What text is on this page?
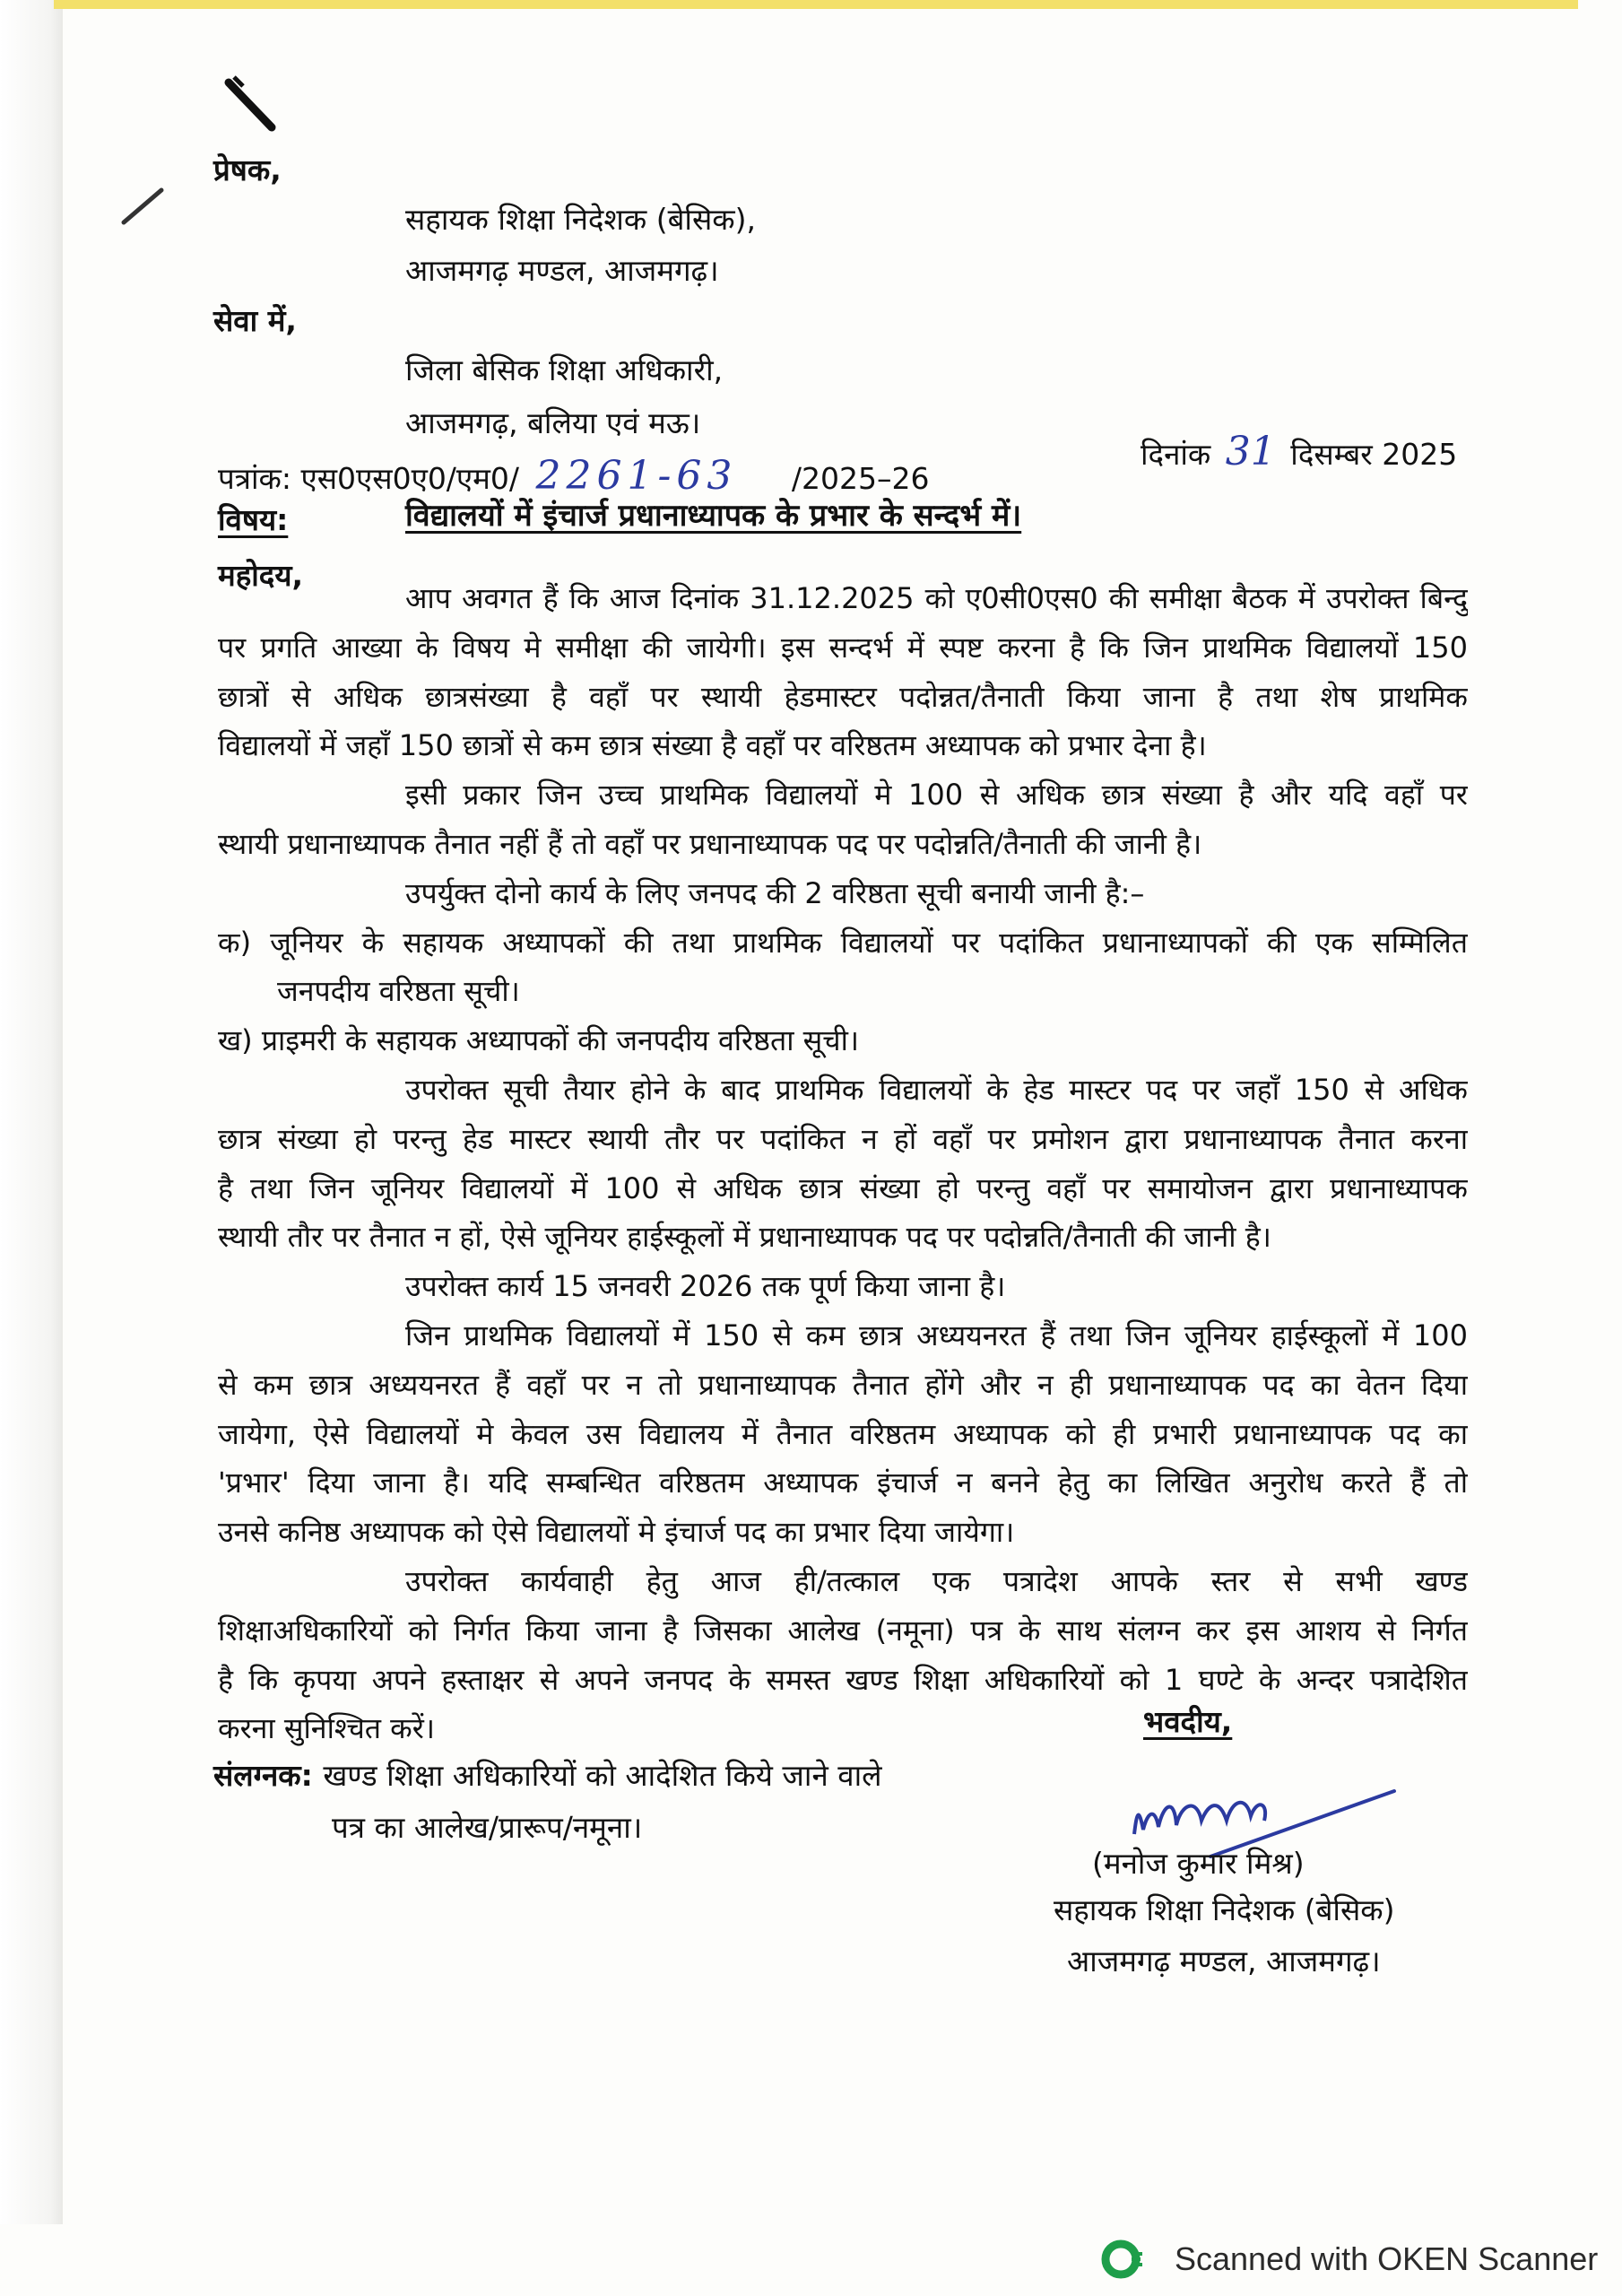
प्रेषक,
सहायक शिक्षा निदेशक (बेसिक),
आजमगढ़ मण्डल, आजमगढ़।
सेवा में,
जिला बेसिक शिक्षा अधिकारी,
आजमगढ़, बलिया एवं मऊ।
पत्रांक: एस0एस0ए0/एम0/ 2261-63 /2025–26
दिनांक 31 दिसम्बर 2025
विषय:	विद्यालयों में इंचार्ज प्रधानाध्यापक के प्रभार के सन्दर्भ में।
महोदय,
आप अवगत हैं कि आज दिनांक 31.12.2025 को ए0सी0एस0 की समीक्षा बैठक में उपरोक्त बिन्दु
पर प्रगति आख्या के विषय मे समीक्षा की जायेगी। इस सन्दर्भ में स्पष्ट करना है कि जिन प्राथमिक विद्यालयों 150
छात्रों से अधिक छात्रसंख्या है वहाँ पर स्थायी हेडमास्टर पदोन्नत/तैनाती किया जाना है तथा शेष प्राथमिक
विद्यालयों में जहाँ 150 छात्रों से कम छात्र संख्या है वहाँ पर वरिष्ठतम अध्यापक को प्रभार देना है।
इसी प्रकार जिन उच्च प्राथमिक विद्यालयों मे 100 से अधिक छात्र संख्या है और यदि वहाँ पर
स्थायी प्रधानाध्यापक तैनात नहीं हैं तो वहाँ पर प्रधानाध्यापक पद पर पदोन्नति/तैनाती की जानी है।
उपर्युक्त दोनो कार्य के लिए जनपद की 2 वरिष्ठता सूची बनायी जानी है:–
क) जूनियर के सहायक अध्यापकों की तथा प्राथमिक विद्यालयों पर पदांकित प्रधानाध्यापकों की एक सम्मिलित
जनपदीय वरिष्ठता सूची।
ख) प्राइमरी के सहायक अध्यापकों की जनपदीय वरिष्ठता सूची।
उपरोक्त सूची तैयार होने के बाद प्राथमिक विद्यालयों के हेड मास्टर पद पर जहाँ 150 से अधिक
छात्र संख्या हो परन्तु हेड मास्टर स्थायी तौर पर पदांकित न हों वहाँ पर प्रमोशन द्वारा प्रधानाध्यापक तैनात करना
है तथा जिन जूनियर विद्यालयों में 100 से अधिक छात्र संख्या हो परन्तु वहाँ पर समायोजन द्वारा प्रधानाध्यापक
स्थायी तौर पर तैनात न हों, ऐसे जूनियर हाईस्कूलों में प्रधानाध्यापक पद पर पदोन्नति/तैनाती की जानी है।
उपरोक्त कार्य 15 जनवरी 2026 तक पूर्ण किया जाना है।
जिन प्राथमिक विद्यालयों में 150 से कम छात्र अध्ययनरत हैं तथा जिन जूनियर हाईस्कूलों में 100
से कम छात्र अध्ययनरत हैं वहाँ पर न तो प्रधानाध्यापक तैनात होंगे और न ही प्रधानाध्यापक पद का वेतन दिया
जायेगा, ऐसे विद्यालयों मे केवल उस विद्यालय में तैनात वरिष्ठतम अध्यापक को ही प्रभारी प्रधानाध्यापक पद का
'प्रभार' दिया जाना है। यदि सम्बन्धित वरिष्ठतम अध्यापक इंचार्ज न बनने हेतु का लिखित अनुरोध करते हैं तो
उनसे कनिष्ठ अध्यापक को ऐसे विद्यालयों मे इंचार्ज पद का प्रभार दिया जायेगा।
उपरोक्त कार्यवाही हेतु आज ही/तत्काल एक पत्रादेश आपके स्तर से सभी खण्ड
शिक्षाअधिकारियों को निर्गत किया जाना है जिसका आलेख (नमूना) पत्र के साथ संलग्न कर इस आशय से निर्गत
है कि कृपया अपने हस्ताक्षर से अपने जनपद के समस्त खण्ड शिक्षा अधिकारियों को 1 घण्टे के अन्दर पत्रादेशित
करना सुनिश्चित करें।
संलग्नक: खण्ड शिक्षा अधिकारियों को आदेशित किये जाने वाले
पत्र का आलेख/प्रारूप/नमूना।
भवदीय,
(मनोज कुमार मिश्र)
सहायक शिक्षा निदेशक (बेसिक)
आजमगढ़ मण्डल, आजमगढ़।
Scanned with OKEN Scanner
